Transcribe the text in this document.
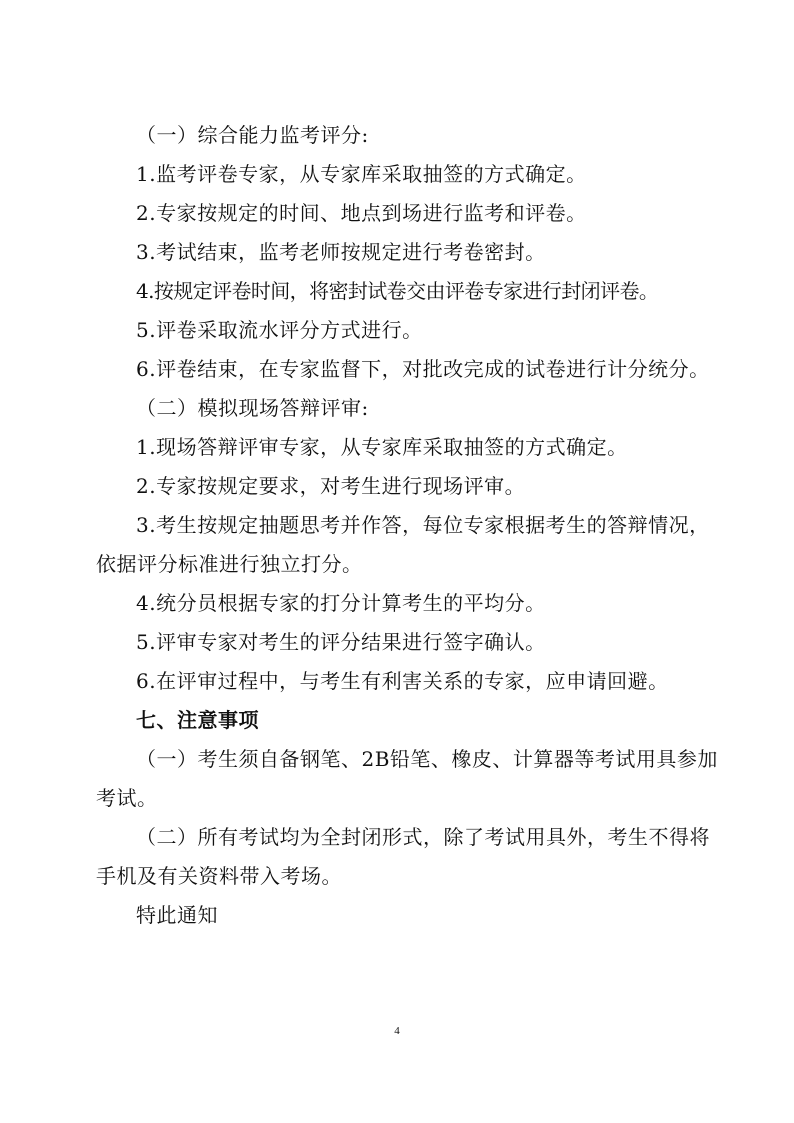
（一）综合能力监考评分:

1.监考评卷专家，从专家库采取抽签的方式确定。

2.专家按规定的时间、地点到场进行监考和评卷。

3.考试结束，监考老师按规定进行考卷密封。

4.按规定评卷时间，将密封试卷交由评卷专家进行封闭评卷。

5.评卷采取流水评分方式进行。

6.评卷结束，在专家监督下，对批改完成的试卷进行计分统分。

（二）模拟现场答辩评审:

1.现场答辩评审专家，从专家库采取抽签的方式确定。

2.专家按规定要求，对考生进行现场评审。

3.考生按规定抽题思考并作答，每位专家根据考生的答辩情况，依据评分标准进行独立打分。

4.统分员根据专家的打分计算考生的平均分。

5.评审专家对考生的评分结果进行签字确认。

6.在评审过程中，与考生有利害关系的专家，应申请回避。

七、注意事项

（一）考生须自备钢笔、2B铅笔、橡皮、计算器等考试用具参加考试。

（二）所有考试均为全封闭形式，除了考试用具外，考生不得将手机及有关资料带入考场。

特此通知

4
